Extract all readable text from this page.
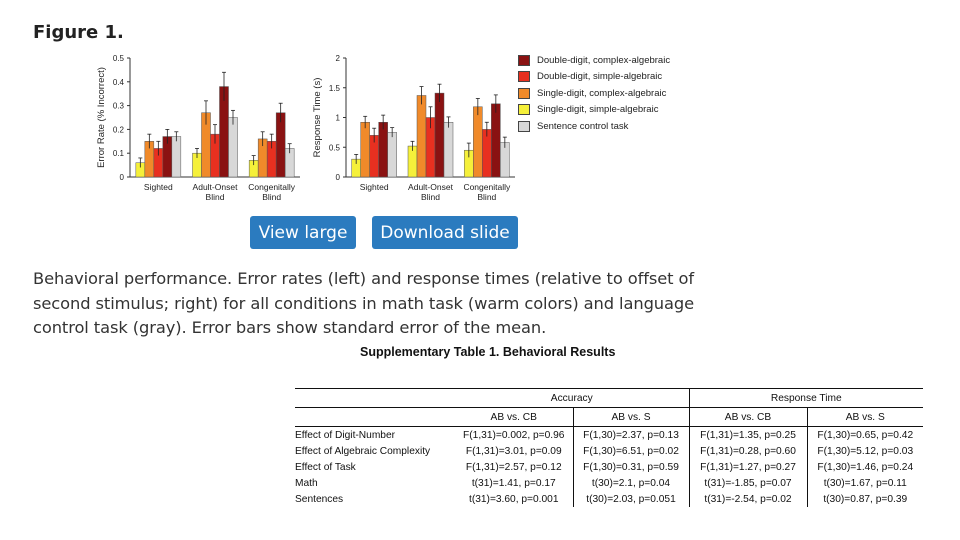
Figure 1.
Error Rate (% Incorrect)
0
0.1
0.2
0.3
0.4
0.5
Sighted Adult-Onset Blind
Congenitally Blind
Response Time (s)
0
0.5
1
1.5
2
Sighted Adult-Onset Blind
Congenitally Blind
Double-digit, complex-algebraic
Double-digit, simple-algebraic
Single-digit, complex-algebraic
Single-digit, simple-algebraic
Sentence control task
View large	Download slide
Behavioral performance. Error rates (left) and response times (relative to offset of second stimulus; right) for all conditions in math task (warm colors) and language control task (gray). Error bars show standard error of the mean.
Supplementary Table 1. Behavioral Results
	Accuracy		Response Time	
	AB vs. CB	AB vs. S	AB vs. CB	AB vs. S
Effect of Digit-Number	F(1,31)=0.002, p=0.96	F(1,30)=2.37, p=0.13	F(1,31)=1.35, p=0.25	F(1,30)=0.65, p=0.42
Effect of Algebraic Complexity	F(1,31)=3.01, p=0.09	F(1,30)=6.51, p=0.02	F(1,31)=0.28, p=0.60	F(1,30)=5.12, p=0.03
Effect of Task	F(1,31)=2.57, p=0.12	F(1,30)=0.31, p=0.59	F(1,31)=1.27, p=0.27	F(1,30)=1.46, p=0.24
Math	t(31)=1.41, p=0.17	t(30)=2.1, p=0.04	t(31)=-1.85, p=0.07	t(30)=1.67, p=0.11
Sentences	t(31)=3.60, p=0.001	t(30)=2.03, p=0.051	t(31)=-2.54, p=0.02	t(30)=0.87, p=0.39
